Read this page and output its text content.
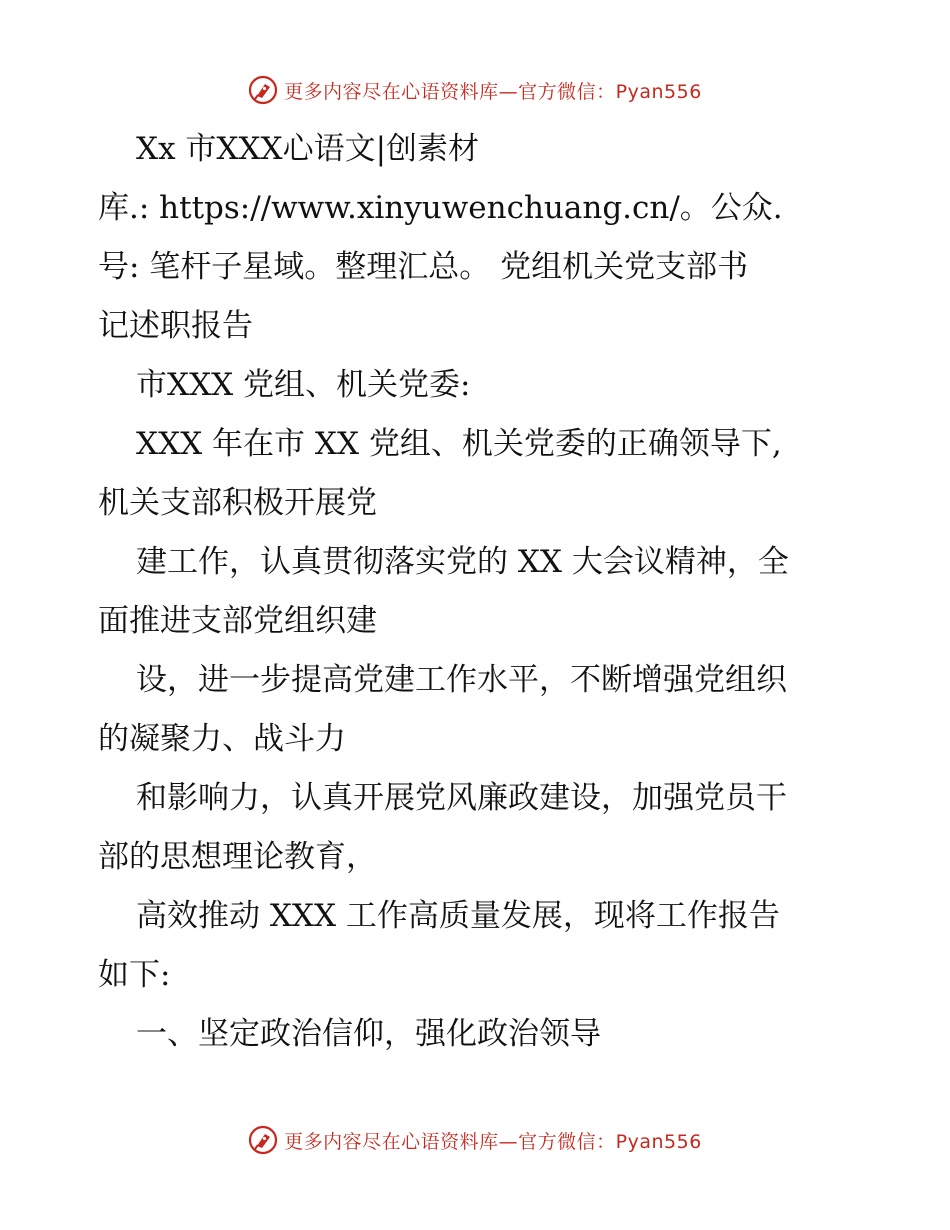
更多内容尽在心语资料库—官方微信：Pyan556

Xx 市XXX心语文|创素材
库.: https://www.xinyuwenchuang.cn/。公众.
号: 笔杆子星域。整理汇总。 党组机关党支部书
记述职报告

市XXX 党组、机关党委:

XXX 年在市 XX 党组、机关党委的正确领导下,
机关支部积极开展党

建工作，认真贯彻落实党的 XX 大会议精神，全
面推进支部党组织建

设，进一步提高党建工作水平，不断增强党组织
的凝聚力、战斗力

和影响力，认真开展党风廉政建设，加强党员干
部的思想理论教育，

高效推动 XXX 工作高质量发展，现将工作报告
如下:

一、坚定政治信仰，强化政治领导

更多内容尽在心语资料库—官方微信：Pyan556
